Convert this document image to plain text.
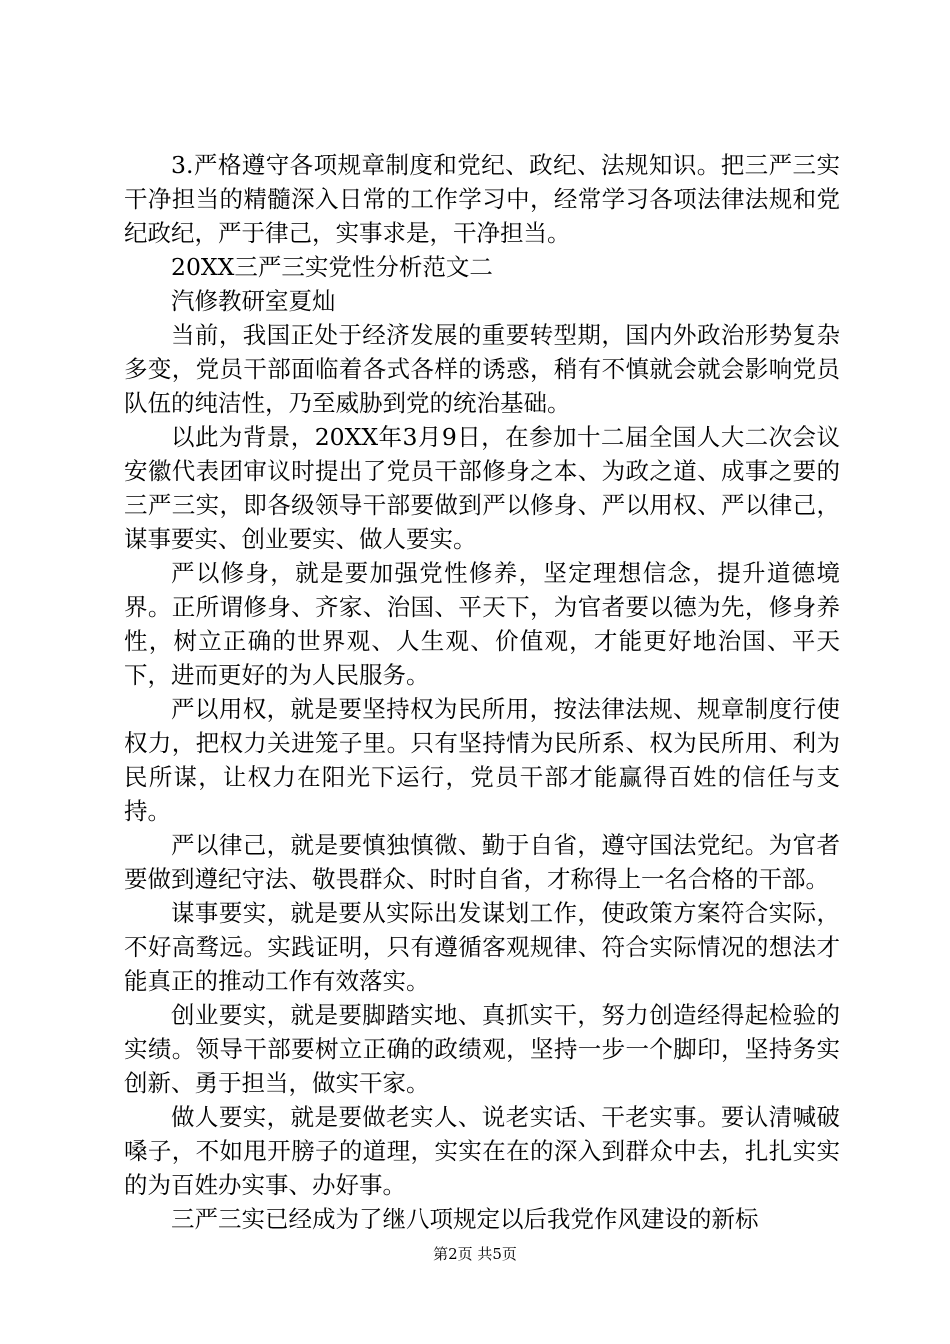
3.严格遵守各项规章制度和党纪、政纪、法规知识。把三严三实干净担当的精髓深入日常的工作学习中，经常学习各项法律法规和党纪政纪，严于律己，实事求是，干净担当。

20XX三严三实党性分析范文二

汽修教研室夏灿

当前，我国正处于经济发展的重要转型期，国内外政治形势复杂多变，党员干部面临着各式各样的诱惑，稍有不慎就会就会影响党员队伍的纯洁性，乃至威胁到党的统治基础。

以此为背景，20XX年3月9日，在参加十二届全国人大二次会议安徽代表团审议时提出了党员干部修身之本、为政之道、成事之要的三严三实，即各级领导干部要做到严以修身、严以用权、严以律己，谋事要实、创业要实、做人要实。

严以修身，就是要加强党性修养，坚定理想信念，提升道德境界。正所谓修身、齐家、治国、平天下，为官者要以德为先，修身养性，树立正确的世界观、人生观、价值观，才能更好地治国、平天下，进而更好的为人民服务。

严以用权，就是要坚持权为民所用，按法律法规、规章制度行使权力，把权力关进笼子里。只有坚持情为民所系、权为民所用、利为民所谋，让权力在阳光下运行，党员干部才能赢得百姓的信任与支持。

严以律己，就是要慎独慎微、勤于自省，遵守国法党纪。为官者要做到遵纪守法、敬畏群众、时时自省，才称得上一名合格的干部。

谋事要实，就是要从实际出发谋划工作，使政策方案符合实际，不好高骛远。实践证明，只有遵循客观规律、符合实际情况的想法才能真正的推动工作有效落实。

创业要实，就是要脚踏实地、真抓实干，努力创造经得起检验的实绩。领导干部要树立正确的政绩观，坚持一步一个脚印，坚持务实创新、勇于担当，做实干家。

做人要实，就是要做老实人、说老实话、干老实事。要认清喊破嗓子，不如甩开膀子的道理，实实在在的深入到群众中去，扎扎实实的为百姓办实事、办好事。

三严三实已经成为了继八项规定以后我党作风建设的新标

第2页 共5页
